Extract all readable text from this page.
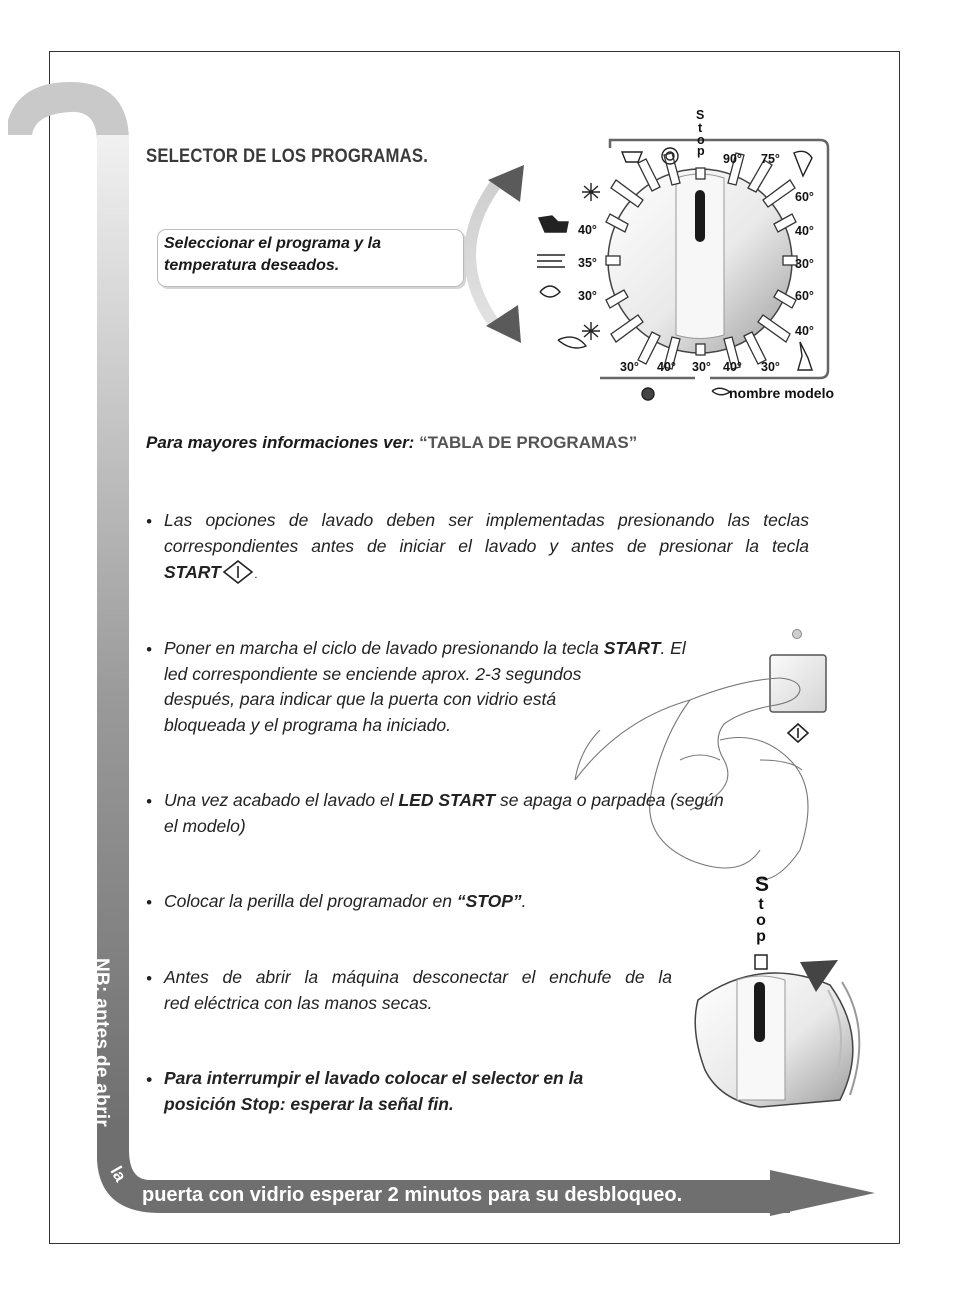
SELECTOR DE LOS PROGRAMAS.
Seleccionar el programa y la
temperatura deseados.
S
t
o
p
90° 75°
40°
35°
30°
60°
40°
30°
60°
40°
30° 40° 30° 40° 30°
nombre modelo
Para mayores informaciones ver: “TABLA DE PROGRAMAS”
• Las opciones de lavado deben ser implementadas presionando las teclas
correspondientes antes de iniciar el lavado y antes de presionar la tecla
START	.
• Poner en marcha el ciclo de lavado presionando la tecla START. El
led correspondiente se enciende aprox. 2-3 segundos
después, para indicar que la puerta con vidrio está
bloqueada y el programa ha iniciado.
• Una vez acabado el lavado el LED START se apaga o parpadea (según
el modelo)
• Colocar la perilla del programador en “STOP”.
• Antes de abrir la máquina desconectar el enchufe de la
red eléctrica con las manos secas.
• Para interrumpir el lavado colocar el selector en la
posición Stop: esperar la señal fin.
S
t
o
p
NB: antes de abrir
la
puerta con vidrio esperar 2 minutos para su desbloqueo.
